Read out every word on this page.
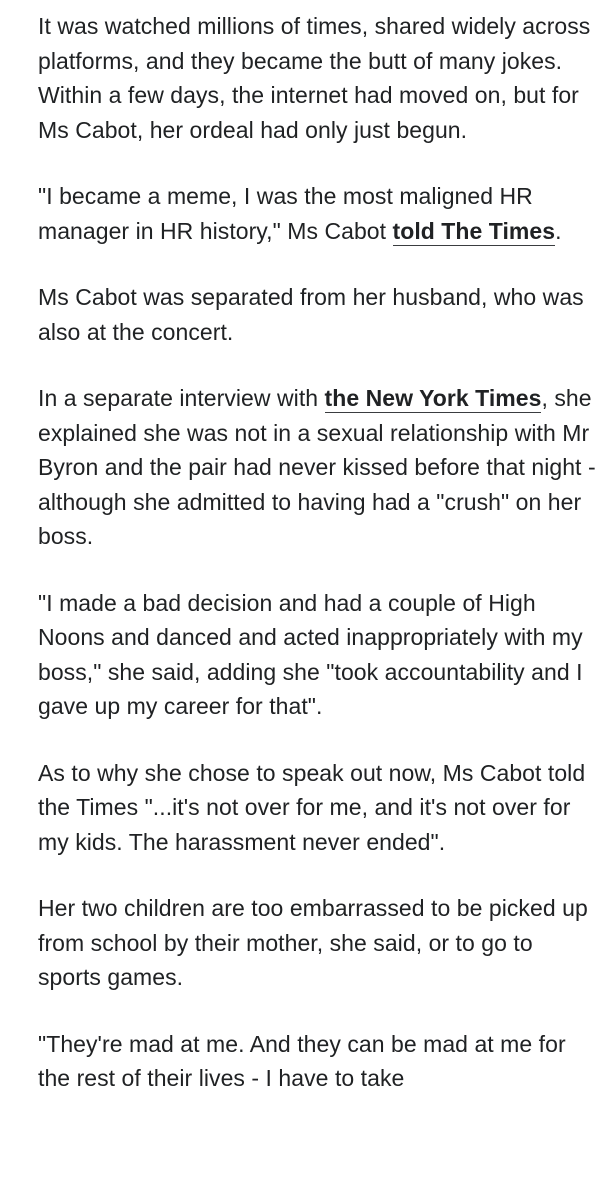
It was watched millions of times, shared widely across platforms, and they became the butt of many jokes. Within a few days, the internet had moved on, but for Ms Cabot, her ordeal had only just begun.

"I became a meme, I was the most maligned HR manager in HR history," Ms Cabot told The Times.

Ms Cabot was separated from her husband, who was also at the concert.

In a separate interview with the New York Times, she explained she was not in a sexual relationship with Mr Byron and the pair had never kissed before that night - although she admitted to having had a "crush" on her boss.

"I made a bad decision and had a couple of High Noons and danced and acted inappropriately with my boss," she said, adding she "took accountability and I gave up my career for that".

As to why she chose to speak out now, Ms Cabot told the Times "...it's not over for me, and it's not over for my kids. The harassment never ended".

Her two children are too embarrassed to be picked up from school by their mother, she said, or to go to sports games.

"They're mad at me. And they can be mad at me for the rest of their lives - I have to take
